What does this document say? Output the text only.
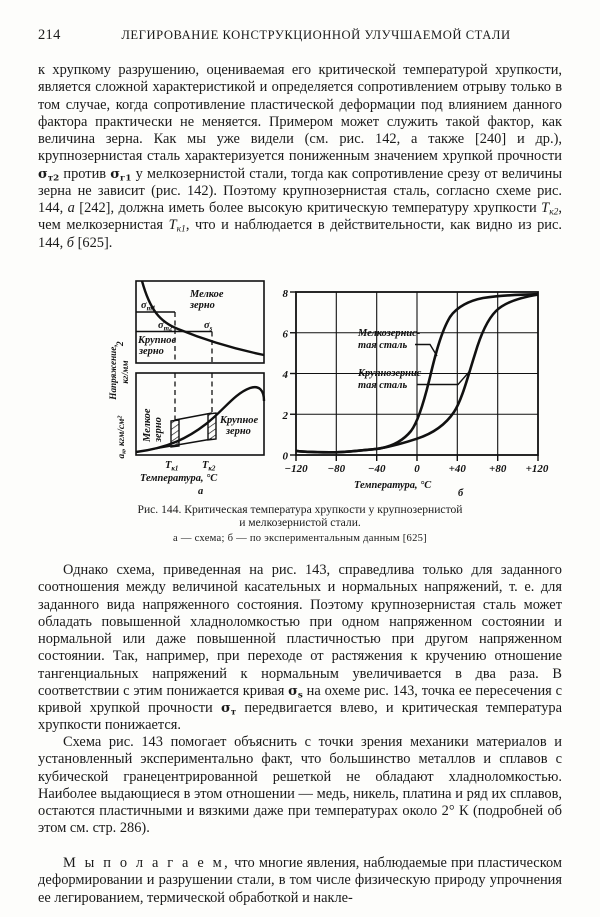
214	ЛЕГИРОВАНИЕ КОНСТРУКЦИОННОЙ УЛУЧШАЕМОЙ СТАЛИ

к хрупкому разрушению, оцениваемая его критической температурой хрупкости, является сложной характеристикой и определяется сопротивлением отрыву только в том случае, когда сопротивление пластической деформации под влиянием данного фактора практически не меняется. Примером может служить такой фактор, как величина зерна. Как мы уже видели (см. рис. 142, а также [240] и др.), крупнозернистая сталь характеризуется пониженным значением хрупкой прочности $\sigma_{т2}$ против $\sigma_{г1}$ у мелкозернистой стали, тогда как сопротивление срезу от величины зерна не зависит (рис. 142). Поэтому крупнозернистая сталь, согласно схеме рис. 144, а [242], должна иметь более высокую критическую температуру хрупкости $T_{к2}$, чем мелкозернистая $T_{к1}$, что и наблюдается в действительности, как видно из рис. 144, б [625].

Напряжение, кг/мм
2
$\sigma_{т1}$
$\sigma_{т2}$	$\sigma_s$
Мелкое
зерно
Крупное
зерно
aк, кгм/$см^2$	Мелкое зерно	Крупное
зерно
$T_{к1}$ $T_{к2}$
Температура, °С
а
8
6
4
2
0
−120 −80 −40	0	+40 +80 +120
Мелкозернис-
тая сталь
Крупнозернис-
тая сталь
Температура, °С
б
Рис. 144. Критическая температура хрупкости у крупнозернистой
и мелкозернистой стали.
а — схема; б — по экспериментальным данным [625]

Однако схема, приведенная на рис. 143, справедлива только для заданного соотношения между величиной касательных и нормальных напряжений, т. е. для заданного вида напряженного состояния. Поэтому крупнозернистая сталь может обладать повышенной хладноломкостью при одном напряженном состоянии и нормальной или даже повышенной пластичностью при другом напряженном состоянии. Так, например, при переходе от растяжения к кручению отношение тангенциальных напряжений к нормальным увеличивается в два раза. В соответствии с этим понижается кривая $\sigma_s$ на охеме рис. 143, точка ее пересечения с кривой хрупкой прочности $\sigma_т$ передвигается влево, и критическая температура хрупкости понижается.

Схема рис. 143 помогает объяснить с точки зрения механики материалов и установленный экспериментально факт, что большинство металлов и сплавов с кубической гранецентрированной решеткой не обладают хладноломкостью. Наиболее выдающиеся в этом отношении — медь, никель, платина и ряд их сплавов, остаются пластичными и вязкими даже при температурах около 2° К (подробней об этом см. стр. 286).

М ы п о л а г а е м, что многие явления, наблюдаемые при пластическом деформировании и разрушении стали, в том числе физическую природу упрочнения ее легированием, термической обработкой и накле-
